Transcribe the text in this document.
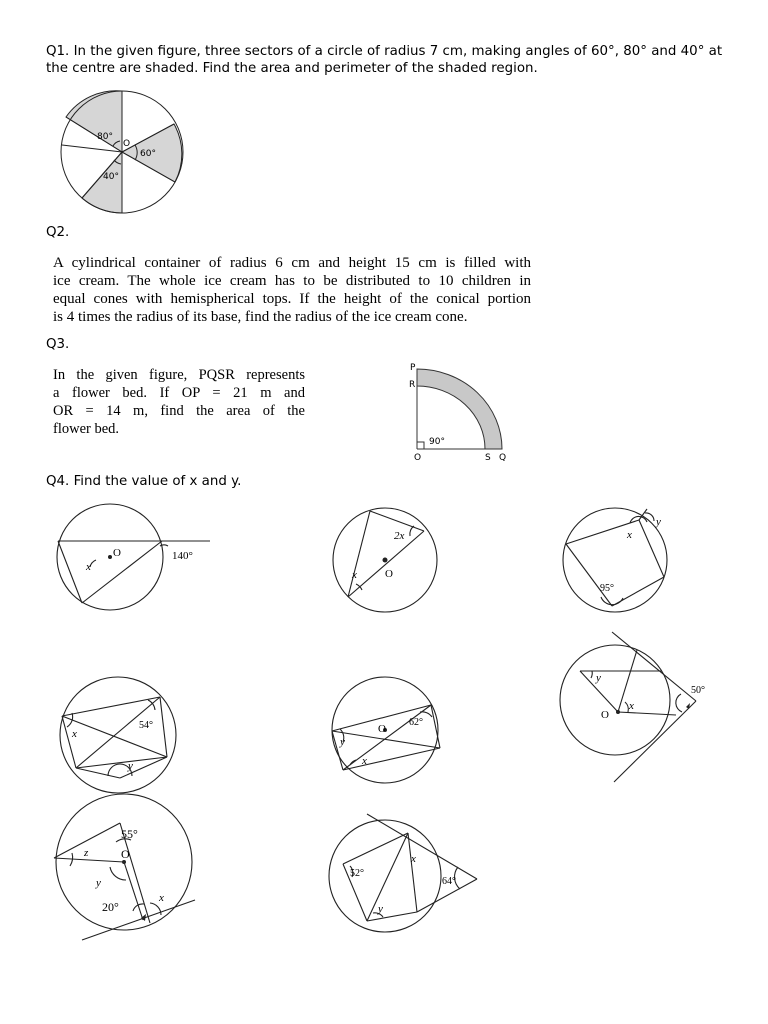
Q1. In the given figure, three sectors of a circle of radius 7 cm, making angles of 60°, 80° and 40° at the centre are shaded. Find the area and perimeter of the shaded region.
80°
O
60°
40°
Q2.
A cylindrical container of radius 6 cm and height 15 cm is filled with
ice cream. The whole ice cream has to be distributed to 10 children in
equal cones with hemispherical tops. If the height of the conical portion
is 4 times the radius of its base, find the radius of the ice cream cone.
Q3.
In the given figure, PQSR represents
a flower bed. If OP = 21 m and
OR = 14 m, find the area of the
flower bed.
P
R
O	S Q
90°
Q4. Find the value of x and y.
x
O	140°
2x
x	O
y
x
95°
54°
x
y
O
62°
y
x
y
x
O
50°
55°
z	O
y
20°
x
52°
x
64°
y
